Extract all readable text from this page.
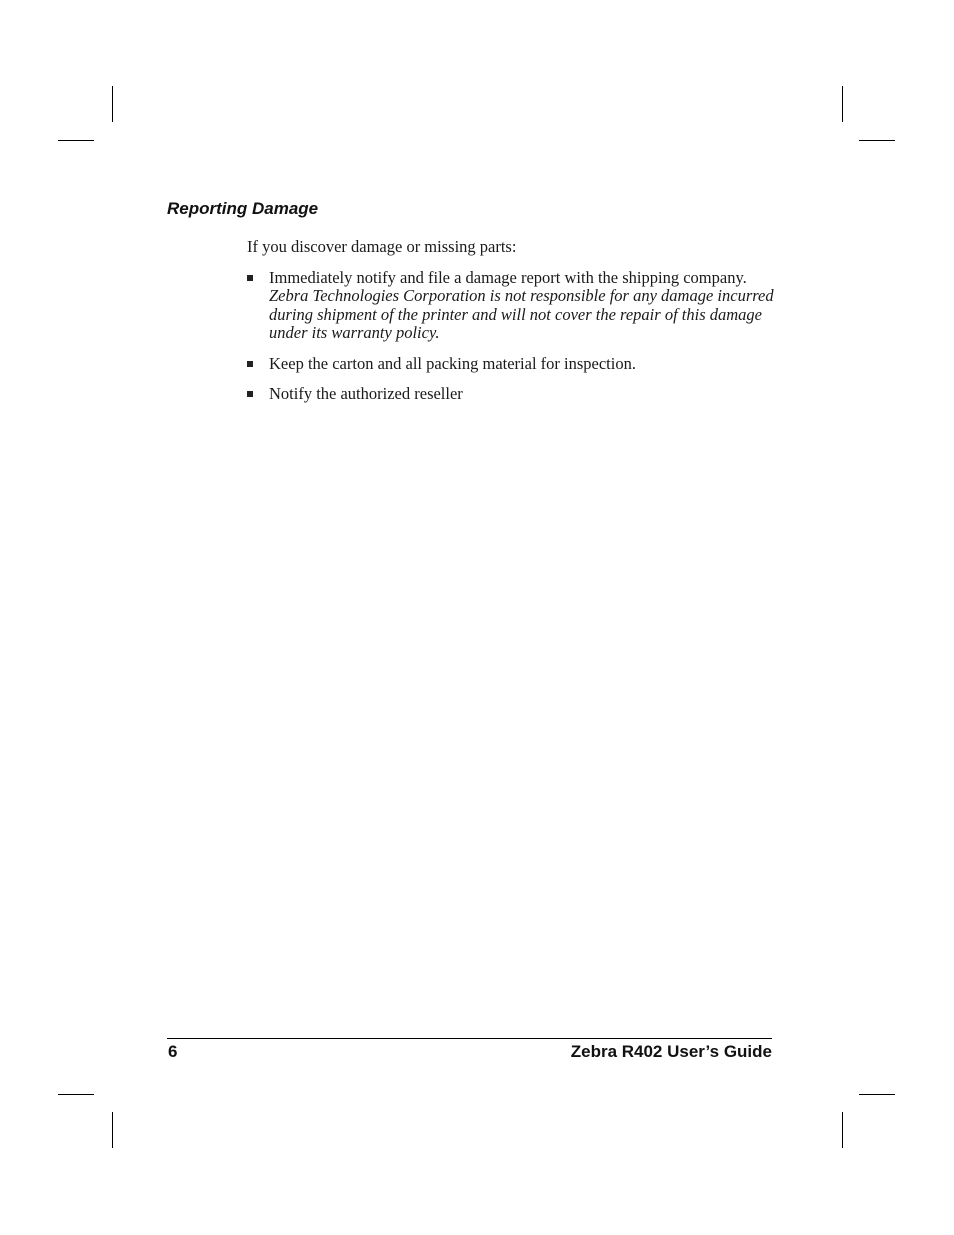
Reporting Damage

If you discover damage or missing parts:

Immediately notify and file a damage report with the shipping company.
Zebra Technologies Corporation is not responsible for any damage incurred during shipment of the printer and will not cover the repair of this damage under its warranty policy.
Keep the carton and all packing material for inspection.
Notify the authorized reseller
6	Zebra R402 User’s Guide
